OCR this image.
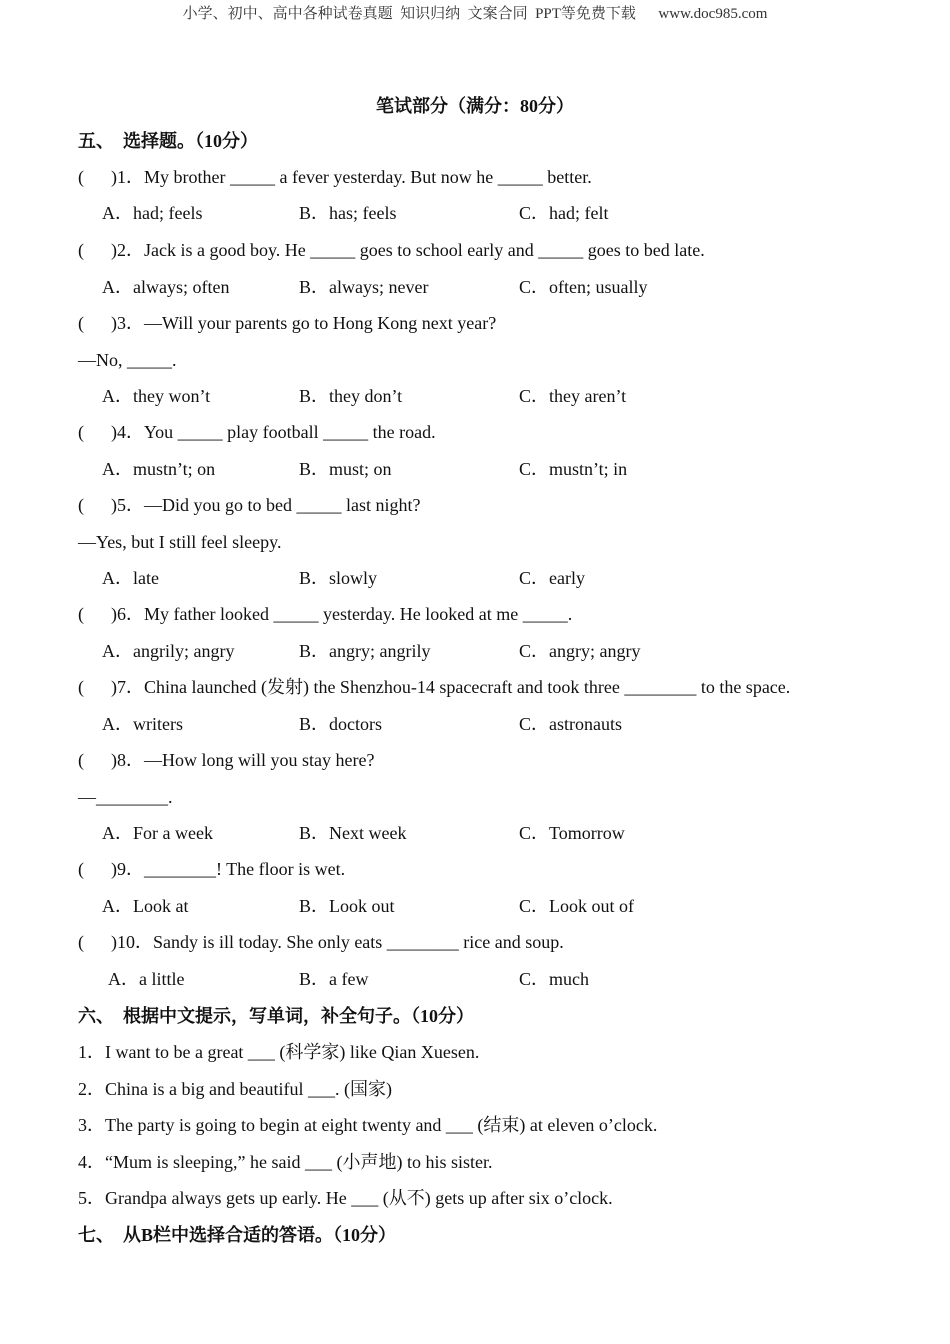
小学、初中、高中各种试卷真题  知识归纳  文案合同  PPT等免费下载      www.doc985.com
笔试部分（满分：80分）
五、  选择题。（10分）
(      )1．My brother _____ a fever yesterday. But now he _____ better.
A．had; feels	B．has; feels	C．had; felt
(      )2．Jack is a good boy. He _____ goes to school early and _____ goes to bed late.
A．always; often	B．always; never	C．often; usually
(      )3．—Will your parents go to Hong Kong next year?
—No, _____.
A．they won’t	B．they don’t	C．they aren’t
(      )4．You _____ play football _____ the road.
A．mustn’t; on	B．must; on	C．mustn’t; in
(      )5．—Did you go to bed _____ last night?
—Yes, but I still feel sleepy.
A．late	B．slowly	C．early
(      )6．My father looked _____ yesterday. He looked at me _____.
A．angrily; angry	B．angry; angrily	C．angry; angry
(      )7．China launched (发射) the Shenzhou-14 spacecraft and took three ________ to the space.
A．writers	B．doctors	C．astronauts
(      )8．—How long will you stay here?
—________.
A．For a week	B．Next week	C．Tomorrow
(      )9．________! The floor is wet.
A．Look at	B．Look out	C．Look out of
(      )10．Sandy is ill today. She only eats ________ rice and soup.
A．a little	B．a few	C．much
六、  根据中文提示，写单词，补全句子。（10分）
1．I want to be a great ___ (科学家) like Qian Xuesen.
2．China is a big and beautiful ___. (国家)
3．The party is going to begin at eight twenty and ___ (结束) at eleven o’clock.
4．“Mum is sleeping,” he said ___ (小声地) to his sister.
5．Grandpa always gets up early. He ___ (从不) gets up after six o’clock.
七、  从B栏中选择合适的答语。（10分）
